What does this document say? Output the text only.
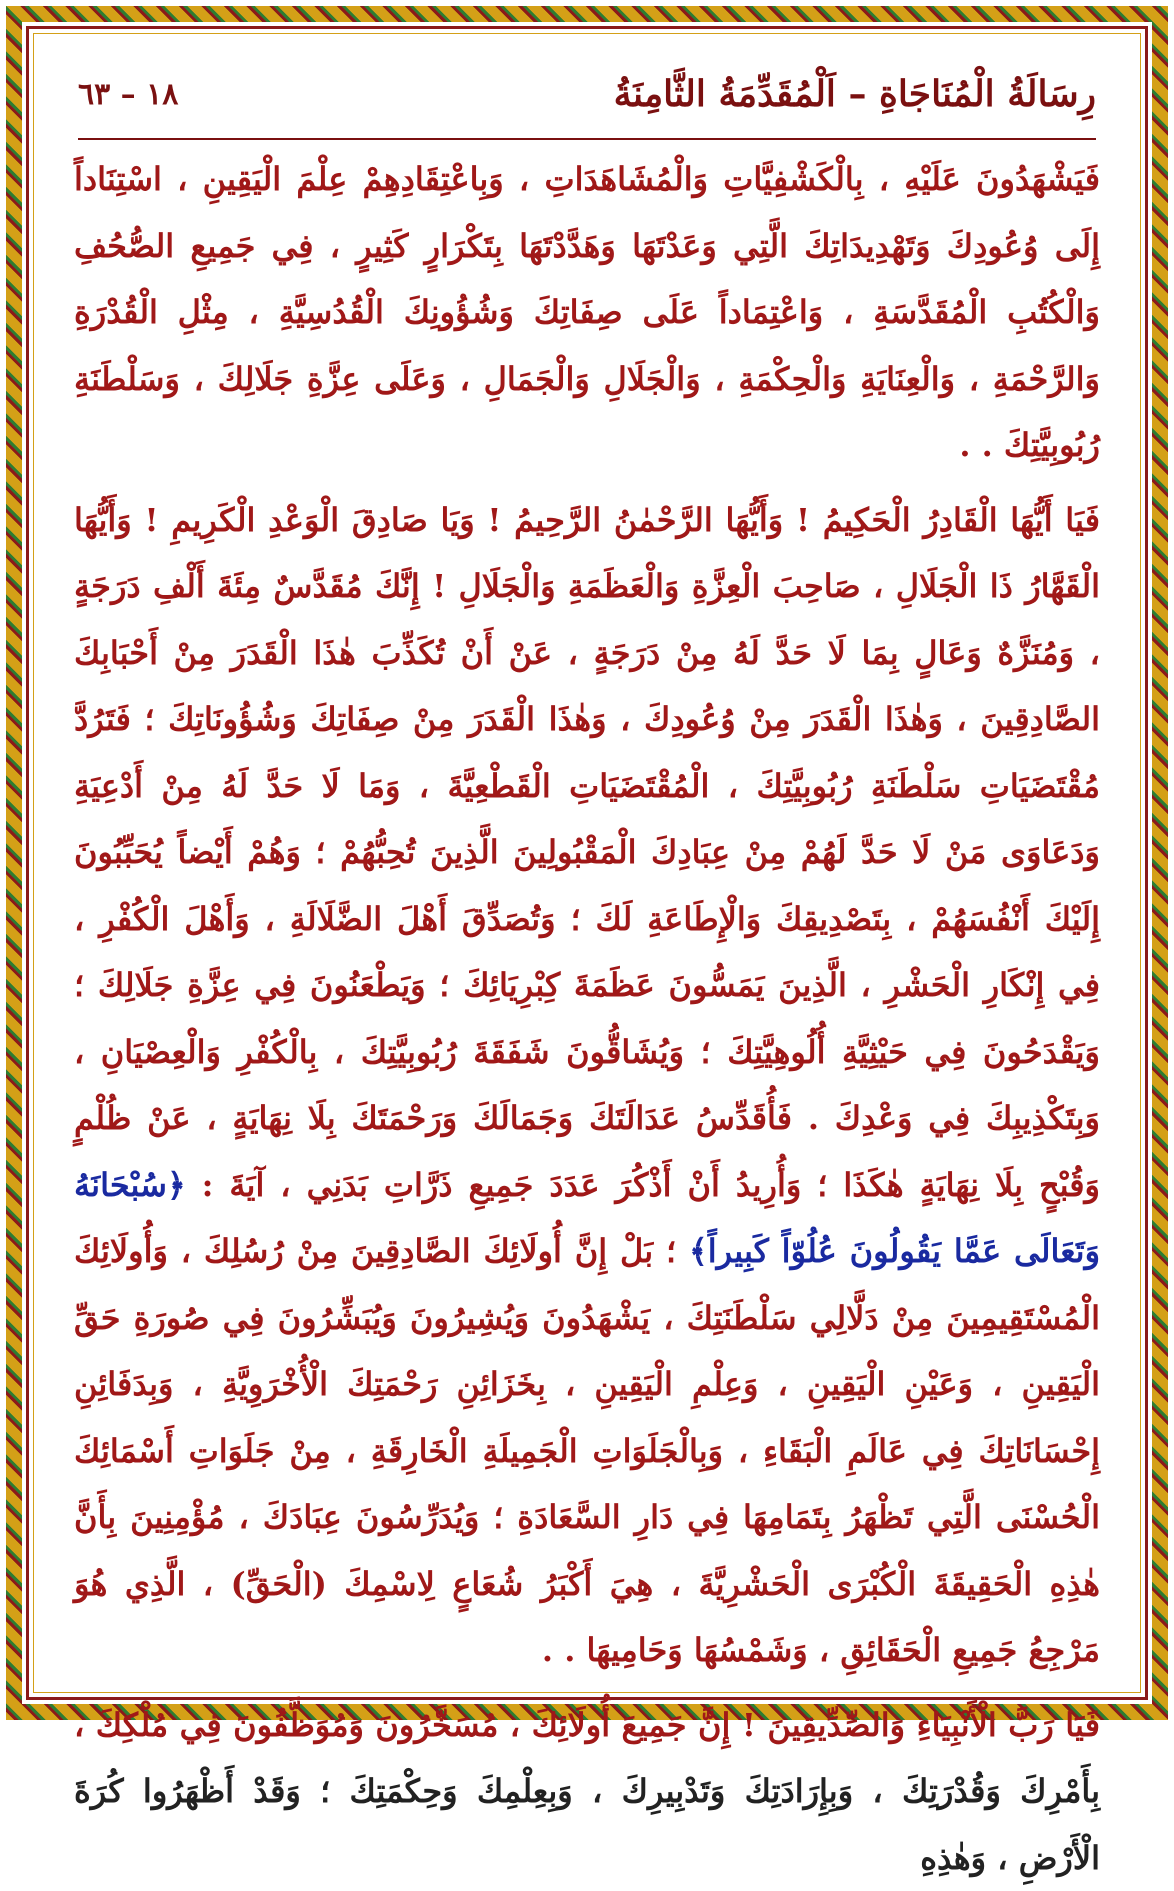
رِسَالَةُ الْمُنَاجَاةِ – اَلْمُقَدِّمَةُ الثَّامِنَةُ
١٨ – ٦٣

فَيَشْهَدُونَ عَلَيْهِ ، بِالْكَشْفِيَّاتِ وَالْمُشَاهَدَاتِ ، وَبِاعْتِقَادِهِمْ عِلْمَ الْيَقِينِ ، اسْتِنَاداً إِلَى وُعُودِكَ وَتَهْدِيدَاتِكَ الَّتِي وَعَدْتَهَا وَهَدَّدْتَهَا بِتَكْرَارٍ كَثِيرٍ ، فِي جَمِيعِ الصُّحُفِ وَالْكُتُبِ الْمُقَدَّسَةِ ، وَاعْتِمَاداً عَلَى صِفَاتِكَ وَشُؤُونِكَ الْقُدُسِيَّةِ ، مِثْلِ الْقُدْرَةِ وَالرَّحْمَةِ ، وَالْعِنَايَةِ وَالْحِكْمَةِ ، وَالْجَلَالِ وَالْجَمَالِ ، وَعَلَى عِزَّةِ جَلَالِكَ ، وَسَلْطَنَةِ رُبُوبِيَّتِكَ . .

فَيَا أَيُّهَا الْقَادِرُ الْحَكِيمُ ! وَأَيُّهَا الرَّحْمٰنُ الرَّحِيمُ ! وَيَا صَادِقَ الْوَعْدِ الْكَرِيمِ ! وَأَيُّهَا الْقَهَّارُ ذَا الْجَلَالِ ، صَاحِبَ الْعِزَّةِ وَالْعَظَمَةِ وَالْجَلَالِ ! إِنَّكَ مُقَدَّسٌ مِئَةَ أَلْفِ دَرَجَةٍ ، وَمُنَزَّهٌ وَعَالٍ بِمَا لَا حَدَّ لَهُ مِنْ دَرَجَةٍ ، عَنْ أَنْ تُكَذِّبَ هٰذَا الْقَدَرَ مِنْ أَحْبَابِكَ الصَّادِقِينَ ، وَهٰذَا الْقَدَرَ مِنْ وُعُودِكَ ، وَهٰذَا الْقَدَرَ مِنْ صِفَاتِكَ وَشُؤُونَاتِكَ ؛ فَتَرُدَّ مُقْتَضَيَاتِ سَلْطَنَةِ رُبُوبِيَّتِكَ ، الْمُقْتَضَيَاتِ الْقَطْعِيَّةَ ، وَمَا لَا حَدَّ لَهُ مِنْ أَدْعِيَةِ وَدَعَاوَى مَنْ لَا حَدَّ لَهُمْ مِنْ عِبَادِكَ الْمَقْبُولِينَ الَّذِينَ تُحِبُّهُمْ ؛ وَهُمْ أَيْضاً يُحَبِّبُونَ إِلَيْكَ أَنْفُسَهُمْ ، بِتَصْدِيقِكَ وَالْإِطَاعَةِ لَكَ ؛ وَتُصَدِّقَ أَهْلَ الضَّلَالَةِ ، وَأَهْلَ الْكُفْرِ ، فِي إِنْكَارِ الْحَشْرِ ، الَّذِينَ يَمَسُّونَ عَظَمَةَ كِبْرِيَائِكَ ؛ وَيَطْعَنُونَ فِي عِزَّةِ جَلَالِكَ ؛ وَيَقْدَحُونَ فِي حَيْثِيَّةِ أُلُوهِيَّتِكَ ؛ وَيُشَاقُّونَ شَفَقَةَ رُبُوبِيَّتِكَ ، بِالْكُفْرِ وَالْعِصْيَانِ ، وَبِتَكْذِيبِكَ فِي وَعْدِكَ . فَأُقَدِّسُ عَدَالَتَكَ وَجَمَالَكَ وَرَحْمَتَكَ بِلَا نِهَايَةٍ ، عَنْ ظُلْمٍ وَقُبْحٍ بِلَا نِهَايَةٍ هٰكَذَا ؛ وَأُرِيدُ أَنْ أَذْكُرَ عَدَدَ جَمِيعِ ذَرَّاتِ بَدَنِي ، آيَةَ : ﴿سُبْحَانَهُ وَتَعَالَى عَمَّا يَقُولُونَ عُلُوّاً كَبِيراً﴾ ؛ بَلْ إِنَّ أُولَائِكَ الصَّادِقِينَ مِنْ رُسُلِكَ ، وَأُولَائِكَ الْمُسْتَقِيمِينَ مِنْ دَلَّالِي سَلْطَنَتِكَ ، يَشْهَدُونَ وَيُشِيرُونَ وَيُبَشِّرُونَ فِي صُورَةِ حَقِّ الْيَقِينِ ، وَعَيْنِ الْيَقِينِ ، وَعِلْمِ الْيَقِينِ ، بِخَزَائِنِ رَحْمَتِكَ الْأُخْرَوِيَّةِ ، وَبِدَفَائِنِ إِحْسَانَاتِكَ فِي عَالَمِ الْبَقَاءِ ، وَبِالْجَلَوَاتِ الْجَمِيلَةِ الْخَارِقَةِ ، مِنْ جَلَوَاتِ أَسْمَائِكَ الْحُسْنَى الَّتِي تَظْهَرُ بِتَمَامِهَا فِي دَارِ السَّعَادَةِ ؛ وَيُدَرِّسُونَ عِبَادَكَ ، مُؤْمِنِينَ بِأَنَّ هٰذِهِ الْحَقِيقَةَ الْكُبْرَى الْحَشْرِيَّةَ ، هِيَ أَكْبَرُ شُعَاعٍ لِاسْمِكَ (الْحَقِّ) ، الَّذِي هُوَ مَرْجِعُ جَمِيعِ الْحَقَائِقِ ، وَشَمْسُهَا وَحَامِيهَا . .

فَيَا رَبَّ الْأَنْبِيَاءِ وَالصِّدِّيقِينَ ! إِنَّ جَمِيعَ أُولَائِكَ ، مُسَخَّرُونَ وَمُوَظَّفُونَ فِي مُلْكِكَ ، بِأَمْرِكَ وَقُدْرَتِكَ ، وَبِإِرَادَتِكَ وَتَدْبِيرِكَ ، وَبِعِلْمِكَ وَحِكْمَتِكَ ؛ وَقَدْ أَظْهَرُوا كُرَةَ الْأَرْضِ ، وَهٰذِهِ
